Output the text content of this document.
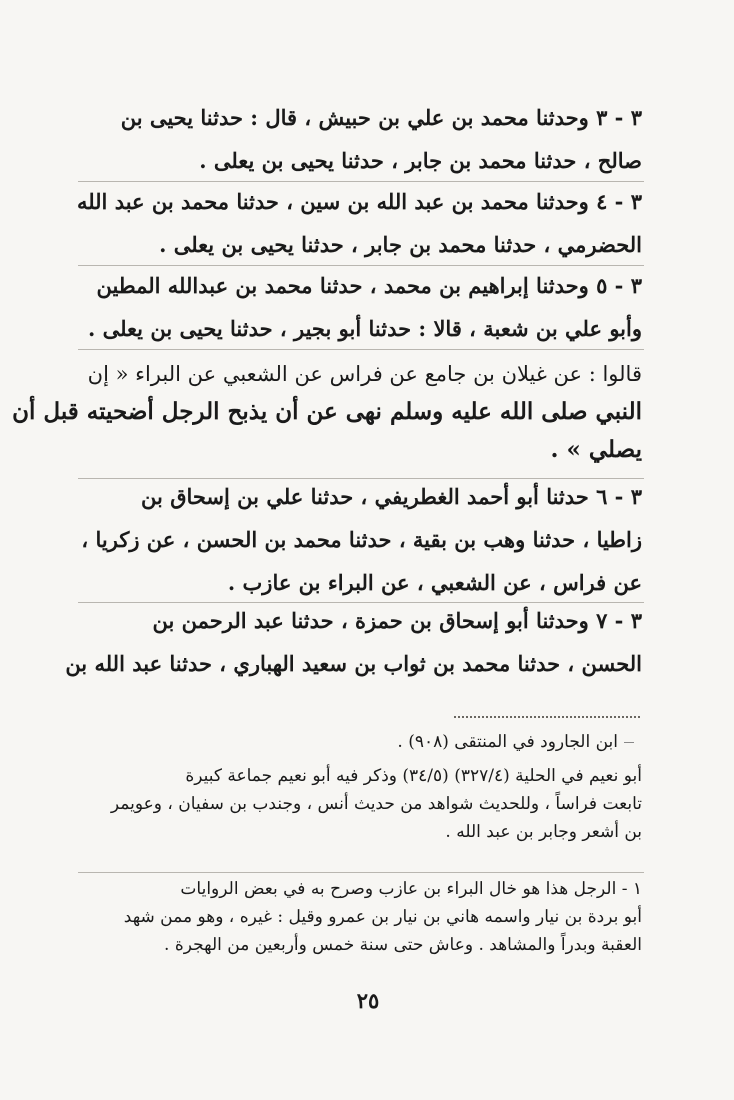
٣ - ٣ وحدثنا محمد بن علي بن حبيش ، قال : حدثنا يحيى بن
صالح ، حدثنا محمد بن جابر ، حدثنا يحيى بن يعلى .
٣ - ٤ وحدثنا محمد بن عبد الله بن سين ، حدثنا محمد بن عبد الله
الحضرمي ، حدثنا محمد بن جابر ، حدثنا يحيى بن يعلى .
٣ - ٥ وحدثنا إبراهيم بن محمد ، حدثنا محمد بن عبدالله المطين
وأبو علي بن شعبة ، قالا : حدثنا أبو بجير ، حدثنا يحيى بن يعلى .
قالوا : عن غيلان بن جامع عن فراس عن الشعبي عن البراء « إن
النبي صلى الله عليه وسلم نهى عن أن يذبح الرجل أضحيته قبل أن
يصلي » .
٣ - ٦ حدثنا أبو أحمد الغطريفي ، حدثنا علي بن إسحاق بن
زاطيا ، حدثنا وهب بن بقية ، حدثنا محمد بن الحسن ، عن زكريا ،
عن فراس ، عن الشعبي ، عن البراء بن عازب .
٣ - ٧ وحدثنا أبو إسحاق بن حمزة ، حدثنا عبد الرحمن بن
الحسن ، حدثنا محمد بن ثواب بن سعيد الهباري ، حدثنا عبد الله بن
ابن الجارود في المنتقى (٩٠٨) .
أبو نعيم في الحلية (٣٢٧/٤) (٣٤/٥) وذكر فيه أبو نعيم جماعة كبيرة
تابعت فراساً ، وللحديث شواهد من حديث أنس ، وجندب بن سفيان ، وعويمر
بن أشعر وجابر بن عبد الله .
١ - الرجل هذا هو خال البراء بن عازب وصرح به في بعض الروايات
أبو بردة بن نيار واسمه هاني بن نيار بن عمرو وقيل : غيره ، وهو ممن شهد
العقبة وبدراً والمشاهد . وعاش حتى سنة خمس وأربعين من الهجرة .
٢٥
